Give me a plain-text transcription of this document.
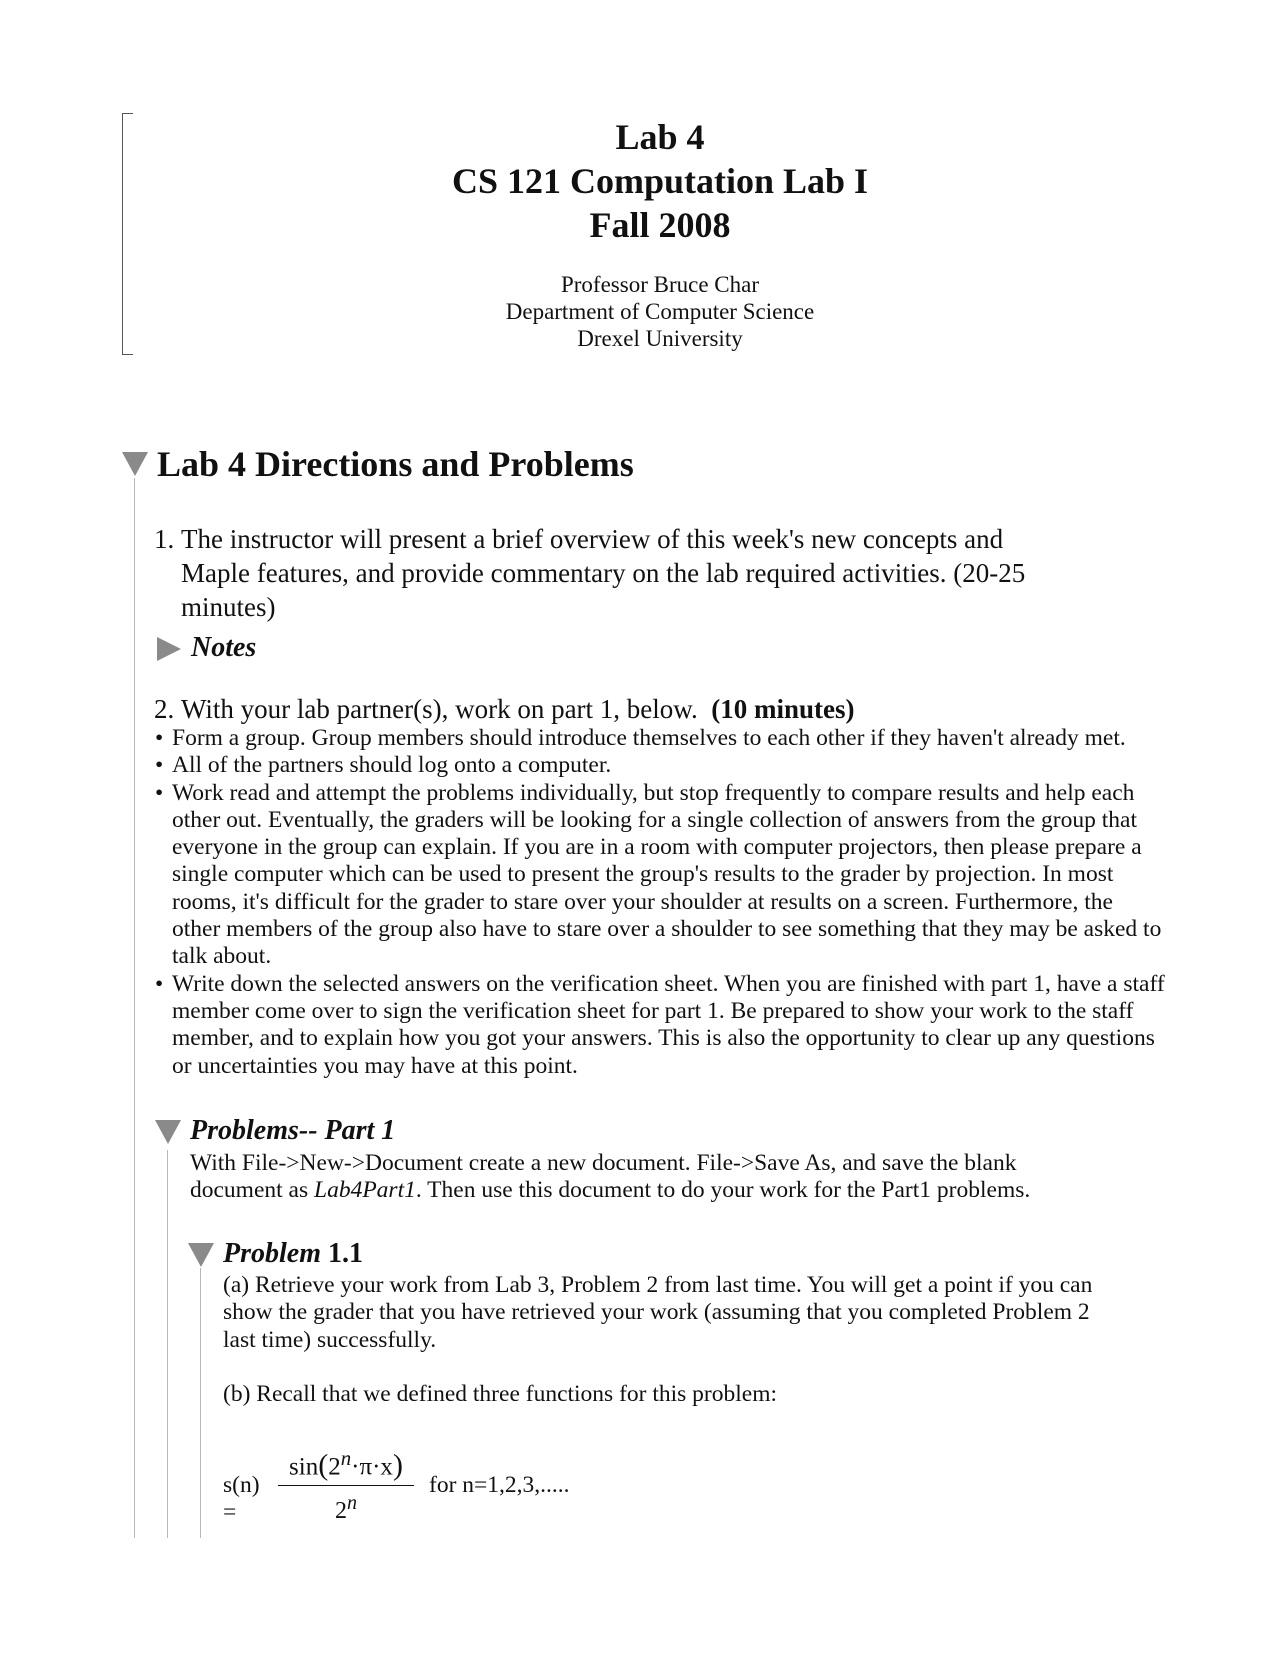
Lab 4
CS 121 Computation Lab I
Fall 2008
Professor Bruce Char
Department of Computer Science
Drexel University
Lab 4 Directions and Problems
1. The instructor will present a brief overview of this week's new concepts and
Maple features, and provide commentary on the lab required activities. (20-25
minutes)
Notes
2. With your lab partner(s), work on part 1, below. (10 minutes)
• Form a group. Group members should introduce themselves to each other if they haven't already met.
• All of the partners should log onto a computer.
• Work read and attempt the problems individually, but stop frequently to compare results and help each other out. Eventually, the graders will be looking for a single collection of answers from the group that everyone in the group can explain. If you are in a room with computer projectors, then please prepare a single computer which can be used to present the group's results to the grader by projection. In most rooms, it's difficult for the grader to stare over your shoulder at results on a screen. Furthermore, the other members of the group also have to stare over a shoulder to see something that they may be asked to talk about.
• Write down the selected answers on the verification sheet. When you are finished with part 1, have a staff member come over to sign the verification sheet for part 1. Be prepared to show your work to the staff member, and to explain how you got your answers. This is also the opportunity to clear up any questions or uncertainties you may have at this point.
Problems-- Part 1
With File->New->Document create a new document. File->Save As, and save the blank
document as Lab4Part1. Then use this document to do your work for the Part1 problems.
Problem 1.1
(a) Retrieve your work from Lab 3, Problem 2 from last time. You will get a point if you can
show the grader that you have retrieved your work (assuming that you completed Problem 2
last time) successfully.
(b) Recall that we defined three functions for this problem:
s(n) =
$\sin(2^n\cdot\pi\cdot x)$
2$^n$
for n=1,2,3,.....
